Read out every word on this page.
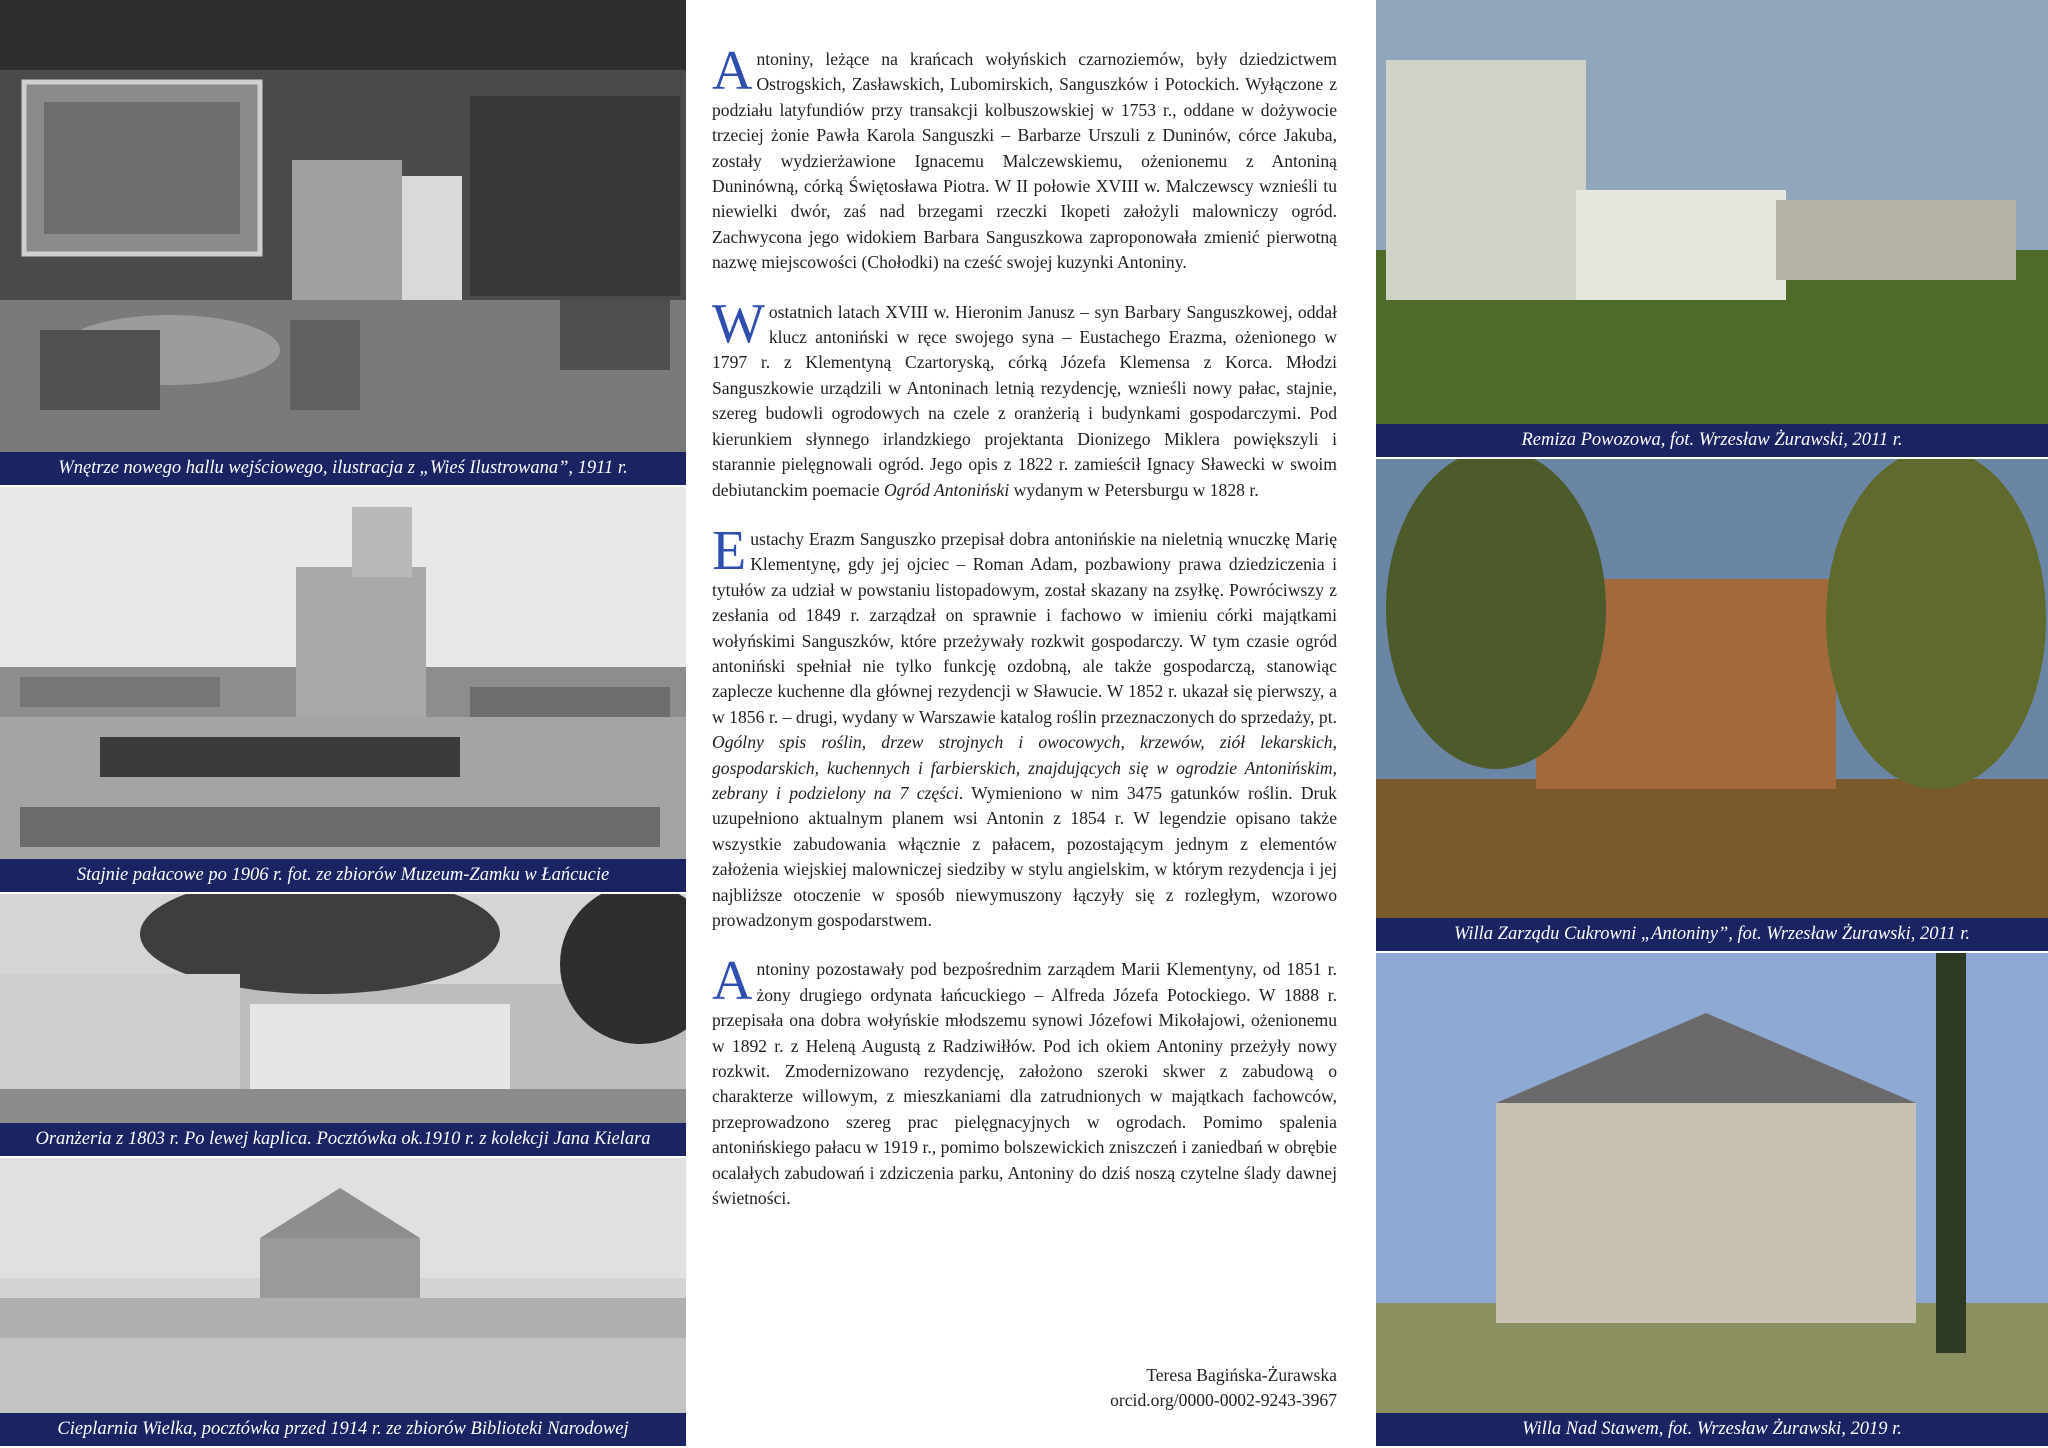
Wnętrze nowego hallu wejściowego, ilustracja z „Wieś Ilustrowana”, 1911 r.
Stajnie pałacowe po 1906 r. fot. ze zbiorów Muzeum-Zamku w Łańcucie
Oranżeria z 1803 r. Po lewej kaplica. Pocztówka ok.1910 r. z kolekcji Jana Kielara
Cieplarnia Wielka, pocztówka przed 1914 r. ze zbiorów Biblioteki Narodowej

Antoniny, leżące na krańcach wołyńskich czarnoziemów, były dziedzictwem Ostrogskich, Zasławskich, Lubomirskich, Sanguszków i Potockich. Wyłączone z podziału latyfundiów przy transakcji kolbuszowskiej w 1753 r., oddane w dożywocie trzeciej żonie Pawła Karola Sanguszki – Barbarze Urszuli z Duninów, córce Jakuba, zostały wydzierżawione Ignacemu Malczewskiemu, ożenionemu z Antoniną Duninówną, córką Świętosława Piotra. W II połowie XVIII w. Malczewscy wznieśli tu niewielki dwór, zaś nad brzegami rzeczki Ikopeti założyli malowniczy ogród. Zachwycona jego widokiem Barbara Sanguszkowa zaproponowała zmienić pierwotną nazwę miejscowości (Chołodki) na cześć swojej kuzynki Antoniny.

W ostatnich latach XVIII w. Hieronim Janusz – syn Barbary Sanguszkowej, oddał klucz antoniński w ręce swojego syna – Eustachego Erazma, ożenionego w 1797 r. z Klementyną Czartoryską, córką Józefa Klemensa z Korca. Młodzi Sanguszkowie urządzili w Antoninach letnią rezydencję, wznieśli nowy pałac, stajnie, szereg budowli ogrodowych na czele z oranżerią i budynkami gospodarczymi. Pod kierunkiem słynnego irlandzkiego projektanta Dionizego Miklera powiększyli i starannie pielęgnowali ogród. Jego opis z 1822 r. zamieścił Ignacy Sławecki w swoim debiutanckim poemacie Ogród Antoniński wydanym w Petersburgu w 1828 r.

Eustachy Erazm Sanguszko przepisał dobra antonińskie na nieletnią wnuczkę Marię Klementynę, gdy jej ojciec – Roman Adam, pozbawiony prawa dziedziczenia i tytułów za udział w powstaniu listopadowym, został skazany na zsyłkę. Powróciwszy z zesłania od 1849 r. zarządzał on sprawnie i fachowo w imieniu córki majątkami wołyńskimi Sanguszków, które przeżywały rozkwit gospodarczy. W tym czasie ogród antoniński spełniał nie tylko funkcję ozdobną, ale także gospodarczą, stanowiąc zaplecze kuchenne dla głównej rezydencji w Sławucie. W 1852 r. ukazał się pierwszy, a w 1856 r. – drugi, wydany w Warszawie katalog roślin przeznaczonych do sprzedaży, pt. Ogólny spis roślin, drzew strojnych i owocowych, krzewów, ziół lekarskich, gospodarskich, kuchennych i farbierskich, znajdujących się w ogrodzie Antonińskim, zebrany i podzielony na 7 części. Wymieniono w nim 3475 gatunków roślin. Druk uzupełniono aktualnym planem wsi Antonin z 1854 r. W legendzie opisano także wszystkie zabudowania włącznie z pałacem, pozostającym jednym z elementów założenia wiejskiej malowniczej siedziby w stylu angielskim, w którym rezydencja i jej najbliższe otoczenie w sposób niewymuszony łączyły się z rozległym, wzorowo prowadzonym gospodarstwem.

Antoniny pozostawały pod bezpośrednim zarządem Marii Klementyny, od 1851 r. żony drugiego ordynata łańcuckiego – Alfreda Józefa Potockiego. W 1888 r. przepisała ona dobra wołyńskie młodszemu synowi Józefowi Mikołajowi, ożenionemu w 1892 r. z Heleną Augustą z Radziwiłłów. Pod ich okiem Antoniny przeżyły nowy rozkwit. Zmodernizowano rezydencję, założono szeroki skwer z zabudową o charakterze willowym, z mieszkaniami dla zatrudnionych w majątkach fachowców, przeprowadzono szereg prac pielęgnacyjnych w ogrodach. Pomimo spalenia antonińskiego pałacu w 1919 r., pomimo bolszewickich zniszczeń i zaniedbań w obrębie ocalałych zabudowań i zdziczenia parku, Antoniny do dziś noszą czytelne ślady dawnej świetności.

Teresa Bagińska-Żurawska
orcid.org/0000-0002-9243-3967
Remiza Powozowa, fot. Wrzesław Żurawski, 2011 r.
Willa Zarządu Cukrowni „Antoniny”, fot. Wrzesław Żurawski, 2011 r.
Willa Nad Stawem, fot. Wrzesław Żurawski, 2019 r.
